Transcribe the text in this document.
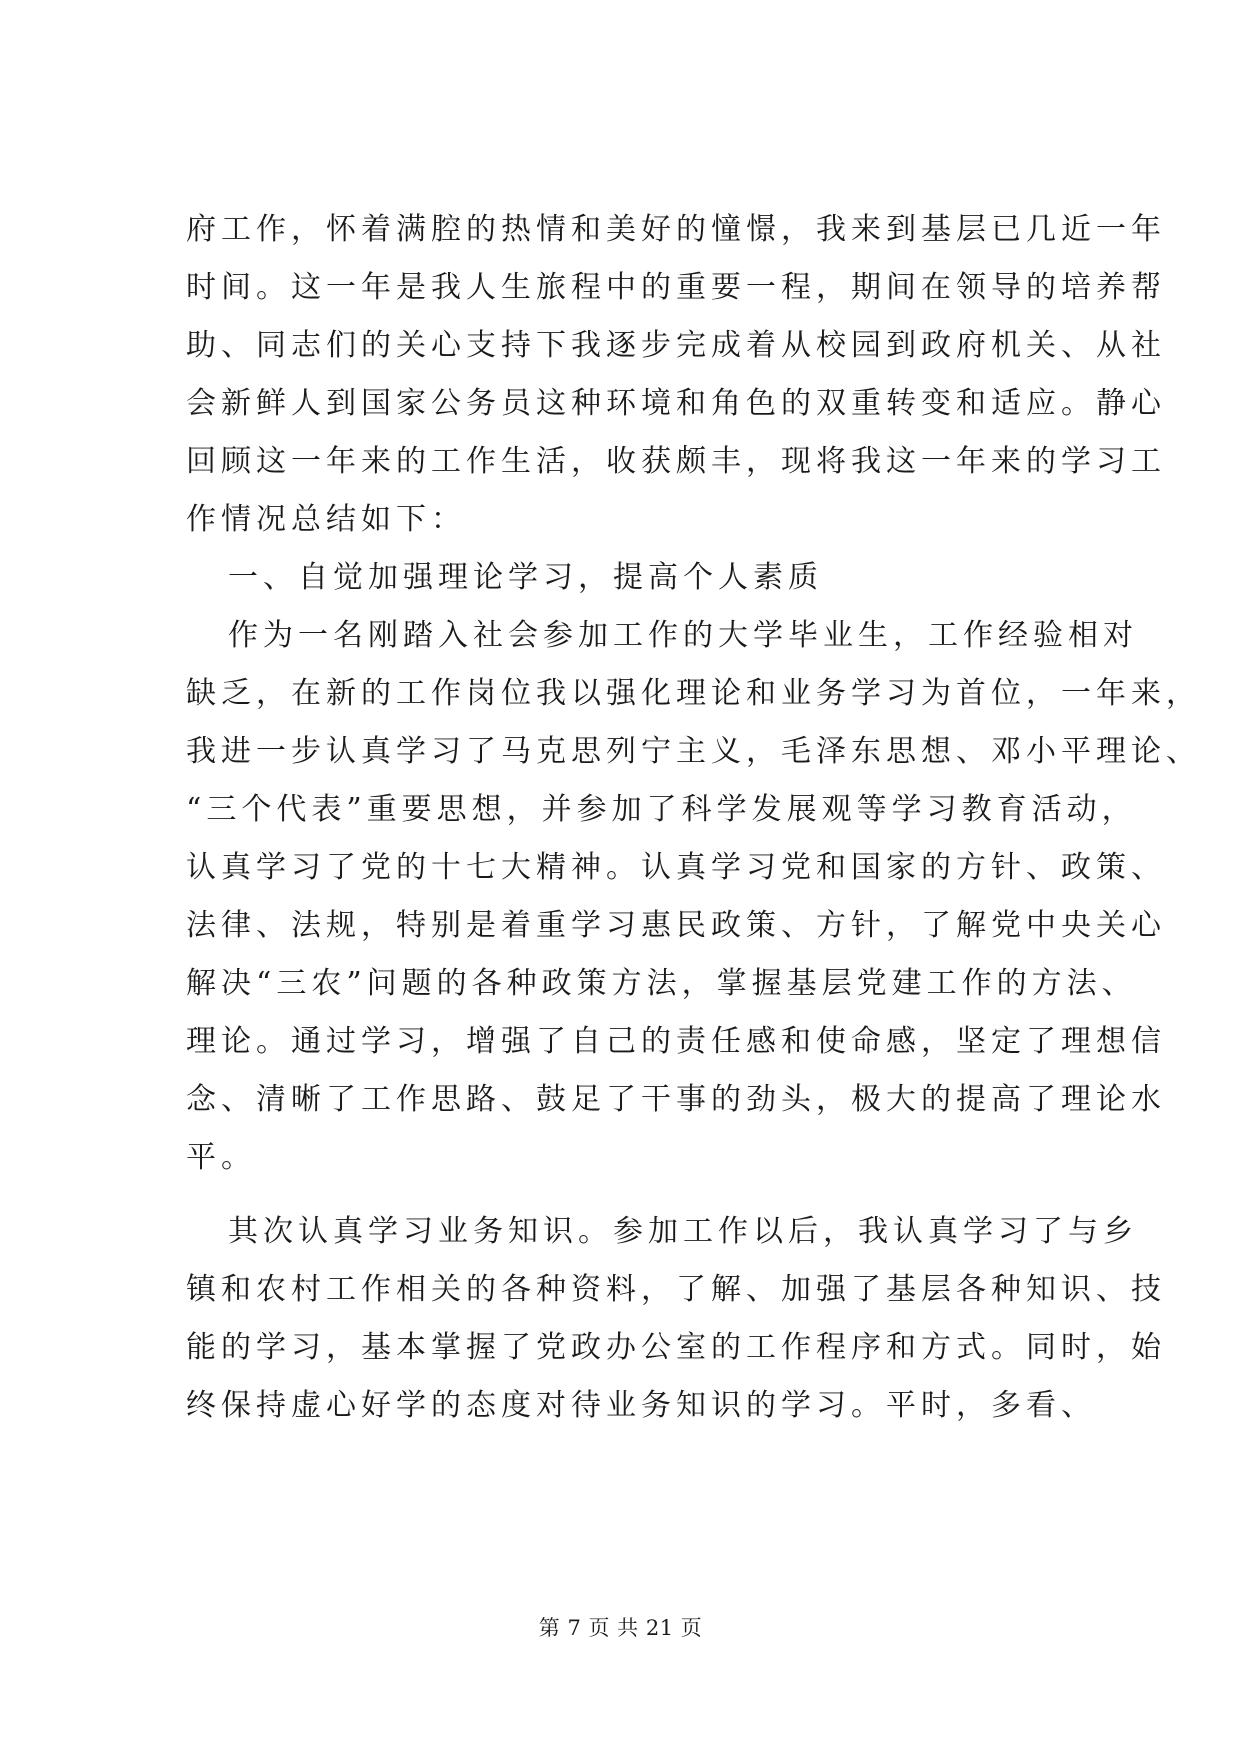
府工作，怀着满腔的热情和美好的憧憬，我来到基层已几近一年
时间。这一年是我人生旅程中的重要一程，期间在领导的培养帮
助、同志们的关心支持下我逐步完成着从校园到政府机关、从社
会新鲜人到国家公务员这种环境和角色的双重转变和适应。静心
回顾这一年来的工作生活，收获颇丰，现将我这一年来的学习工
作情况总结如下：
一、自觉加强理论学习，提高个人素质
作为一名刚踏入社会参加工作的大学毕业生，工作经验相对
缺乏，在新的工作岗位我以强化理论和业务学习为首位，一年来，
我进一步认真学习了马克思列宁主义，毛泽东思想、邓小平理论、
“三个代表”重要思想，并参加了科学发展观等学习教育活动，
认真学习了党的十七大精神。认真学习党和国家的方针、政策、
法律、法规，特别是着重学习惠民政策、方针，了解党中央关心
解决“三农”问题的各种政策方法，掌握基层党建工作的方法、
理论。通过学习，增强了自己的责任感和使命感，坚定了理想信
念、清晰了工作思路、鼓足了干事的劲头，极大的提高了理论水
平。
其次认真学习业务知识。参加工作以后，我认真学习了与乡
镇和农村工作相关的各种资料，了解、加强了基层各种知识、技
能的学习，基本掌握了党政办公室的工作程序和方式。同时，始
终保持虚心好学的态度对待业务知识的学习。平时，多看、
第 7 页 共 21 页
